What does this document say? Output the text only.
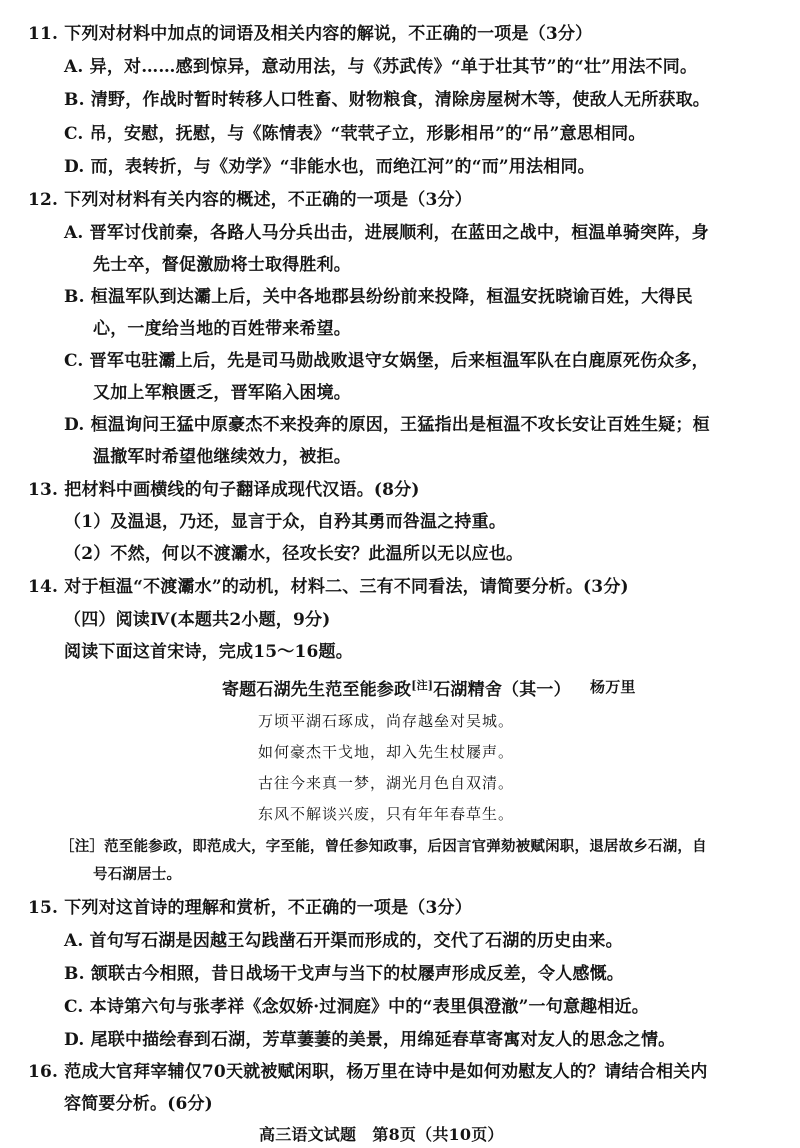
11. 下列对材料中加点的词语及相关内容的解说，不正确的一项是（3分）
A. 异，对……感到惊异，意动用法，与《苏武传》“单于壮其节”的“壮”用法不同。
B. 清野，作战时暂时转移人口牲畜、财物粮食，清除房屋树木等，使敌人无所获取。
C. 吊，安慰，抚慰，与《陈情表》“茕茕孑立，形影相吊”的“吊”意思相同。
D. 而，表转折，与《劝学》“非能水也，而绝江河”的“而”用法相同。
12. 下列对材料有关内容的概述，不正确的一项是（3分）
A. 晋军讨伐前秦，各路人马分兵出击，进展顺利，在蓝田之战中，桓温单骑突阵，身
先士卒，督促激励将士取得胜利。
B. 桓温军队到达灞上后，关中各地郡县纷纷前来投降，桓温安抚晓谕百姓，大得民
心，一度给当地的百姓带来希望。
C. 晋军屯驻灞上后，先是司马勋战败退守女娲堡，后来桓温军队在白鹿原死伤众多，
又加上军粮匮乏，晋军陷入困境。
D. 桓温询问王猛中原豪杰不来投奔的原因，王猛指出是桓温不攻长安让百姓生疑；桓
温撤军时希望他继续效力，被拒。
13. 把材料中画横线的句子翻译成现代汉语。(8分)
（1）及温退，乃还，显言于众，自矜其勇而咎温之持重。
（2）不然，何以不渡灞水，径攻长安？此温所以无以应也。
14. 对于桓温“不渡灞水”的动机，材料二、三有不同看法，请简要分析。(3分)
（四）阅读Ⅳ(本题共2小题，9分)
阅读下面这首宋诗，完成15～16题。
寄题石湖先生范至能参政[注]石湖精舍（其一） 杨万里
万顷平湖石琢成，尚存越垒对吴城。
如何豪杰干戈地，却入先生杖屦声。
古往今来真一梦，湖光月色自双清。
东风不解谈兴废，只有年年春草生。
［注］范至能参政，即范成大，字至能，曾任参知政事，后因言官弹劾被赋闲职，退居故乡石湖，自
号石湖居士。
15. 下列对这首诗的理解和赏析，不正确的一项是（3分）
A. 首句写石湖是因越王勾践凿石开渠而形成的，交代了石湖的历史由来。
B. 颔联古今相照，昔日战场干戈声与当下的杖屦声形成反差，令人感慨。
C. 本诗第六句与张孝祥《念奴娇·过洞庭》中的“表里俱澄澈”一句意趣相近。
D. 尾联中描绘春到石湖，芳草萋萋的美景，用绵延春草寄寓对友人的思念之情。
16. 范成大官拜宰辅仅70天就被赋闲职，杨万里在诗中是如何劝慰友人的？请结合相关内
容简要分析。(6分)
高三语文试题　第8页（共10页）
